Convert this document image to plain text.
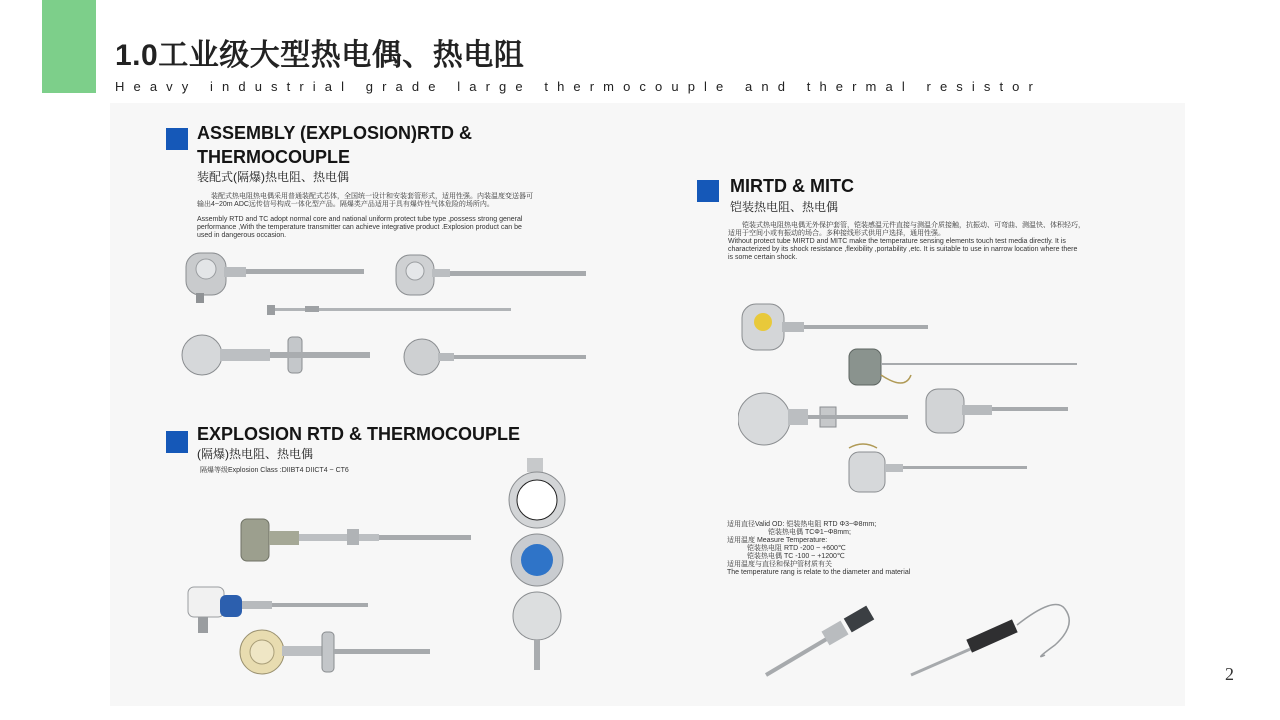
1.0工业级大型热电偶、热电阻
Heavy industrial grade large thermocouple and thermal resistor
ASSEMBLY (EXPLOSION)RTD &
THERMOCOUPLE
装配式(隔爆)热电阻、热电偶
装配式热电阻热电偶采用普通装配式芯体，全国统一设计和安装套管形式，适用性强。内装温度变送器可
输出4~20m ADC远传信号构成一体化型产品。隔爆类产品适用于具有爆炸性气体危险的场所内。
Assembly RTD and TC adopt normal core and national uniform protect tube type ,possess strong general
performance ,With the temperature transmitter can achieve integrative product .Explosion product can be
used in dangerous occasion.
EXPLOSION RTD & THERMOCOUPLE
(隔爆)热电阻、热电偶
隔爆等级Explosion Class :DIIBT4 DIICT4 ~ CT6
MIRTD & MITC
铠装热电阻、热电偶
铠装式热电阻热电偶无外保护套管，铠装感温元件直接与测温介质接触，抗振动、可弯曲、测温快、体积轻巧，
适用于空间小或有振动的场合。多种接线形式供用户选择，通用性强。
Without protect tube MIRTD and MITC make the temperature sensing elements touch test media directly. It is
characterized by its shock resistance ,flexibility ,portability ,etc. It is suitable to use in narrow location where there
is some certain shock.
适用直径Valid OD: 铠装热电阻 RTD Φ3~Φ8mm;
铠装热电偶 TCΦ1~Φ8mm;
适用温度 Measure Temperature:
铠装热电阻 RTD -200 ~ +600℃
铠装热电偶 TC -100 ~ +1200℃
适用温度与直径和保护管材质有关
The temperature rang is relate to the diameter and material
2
